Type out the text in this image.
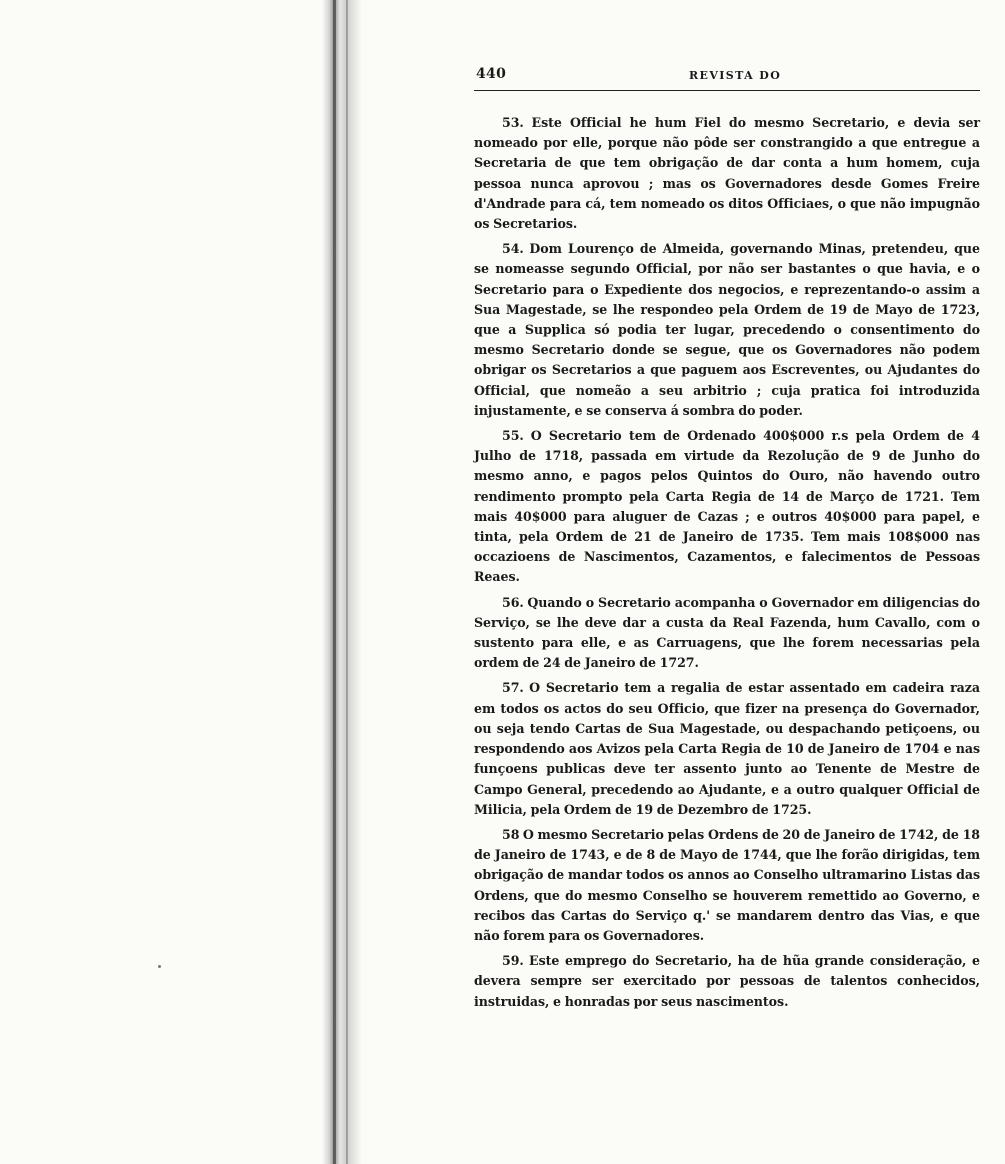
440	REVISTA DO

53. Este Official he hum Fiel do mesmo Secretario, e devia ser nomeado por elle, porque não pôde ser constrangido a que entregue a Secretaria de que tem obrigação de dar conta a hum homem, cuja pessoa nunca aprovou ; mas os Governadores desde Gomes Freire d'Andrade para cá, tem nomeado os ditos Officiaes, o que não impugnão os Secretarios.

54. Dom Lourenço de Almeida, governando Minas, pretendeu, que se nomeasse segundo Official, por não ser bastantes o que havia, e o Secretario para o Expediente dos negocios, e reprezentando-o assim a Sua Magestade, se lhe respondeo pela Ordem de 19 de Mayo de 1723, que a Supplica só podia ter lugar, precedendo o consentimento do mesmo Secretario donde se segue, que os Governadores não podem obrigar os Secretarios a que paguem aos Escreventes, ou Ajudantes do Official, que nomeão a seu arbitrio ; cuja pratica foi introduzida injustamente, e se conserva á sombra do poder.

55. O Secretario tem de Ordenado 400$000 r.s pela Ordem de 4 Julho de 1718, passada em virtude da Rezolução de 9 de Junho do mesmo anno, e pagos pelos Quintos do Ouro, não havendo outro rendimento prompto pela Carta Regia de 14 de Março de 1721. Tem mais 40$000 para aluguer de Cazas ; e outros 40$000 para papel, e tinta, pela Ordem de 21 de Janeiro de 1735. Tem mais 108$000 nas occazioens de Nascimentos, Cazamentos, e falecimentos de Pessoas Reaes.

56. Quando o Secretario acompanha o Governador em diligencias do Serviço, se lhe deve dar a custa da Real Fazenda, hum Cavallo, com o sustento para elle, e as Carruagens, que lhe forem necessarias pela ordem de 24 de Janeiro de 1727.

57. O Secretario tem a regalia de estar assentado em cadeira raza em todos os actos do seu Officio, que fizer na presença do Governador, ou seja tendo Cartas de Sua Magestade, ou despachando petiçoens, ou respondendo aos Avizos pela Carta Regia de 10 de Janeiro de 1704 e nas funçoens publicas deve ter assento junto ao Tenente de Mestre de Campo General, precedendo ao Ajudante, e a outro qualquer Official de Milicia, pela Ordem de 19 de Dezembro de 1725.

58 O mesmo Secretario pelas Ordens de 20 de Janeiro de 1742, de 18 de Janeiro de 1743, e de 8 de Mayo de 1744, que lhe forão dirigidas, tem obrigação de mandar todos os annos ao Conselho ultramarino Listas das Ordens, que do mesmo Conselho se houverem remettido ao Governo, e recibos das Cartas do Serviço q.' se mandarem dentro das Vias, e que não forem para os Governadores.

59. Este emprego do Secretario, ha de hũa grande consideração, e devera sempre ser exercitado por pessoas de talentos conhecidos, instruidas, e honradas por seus nascimentos.
